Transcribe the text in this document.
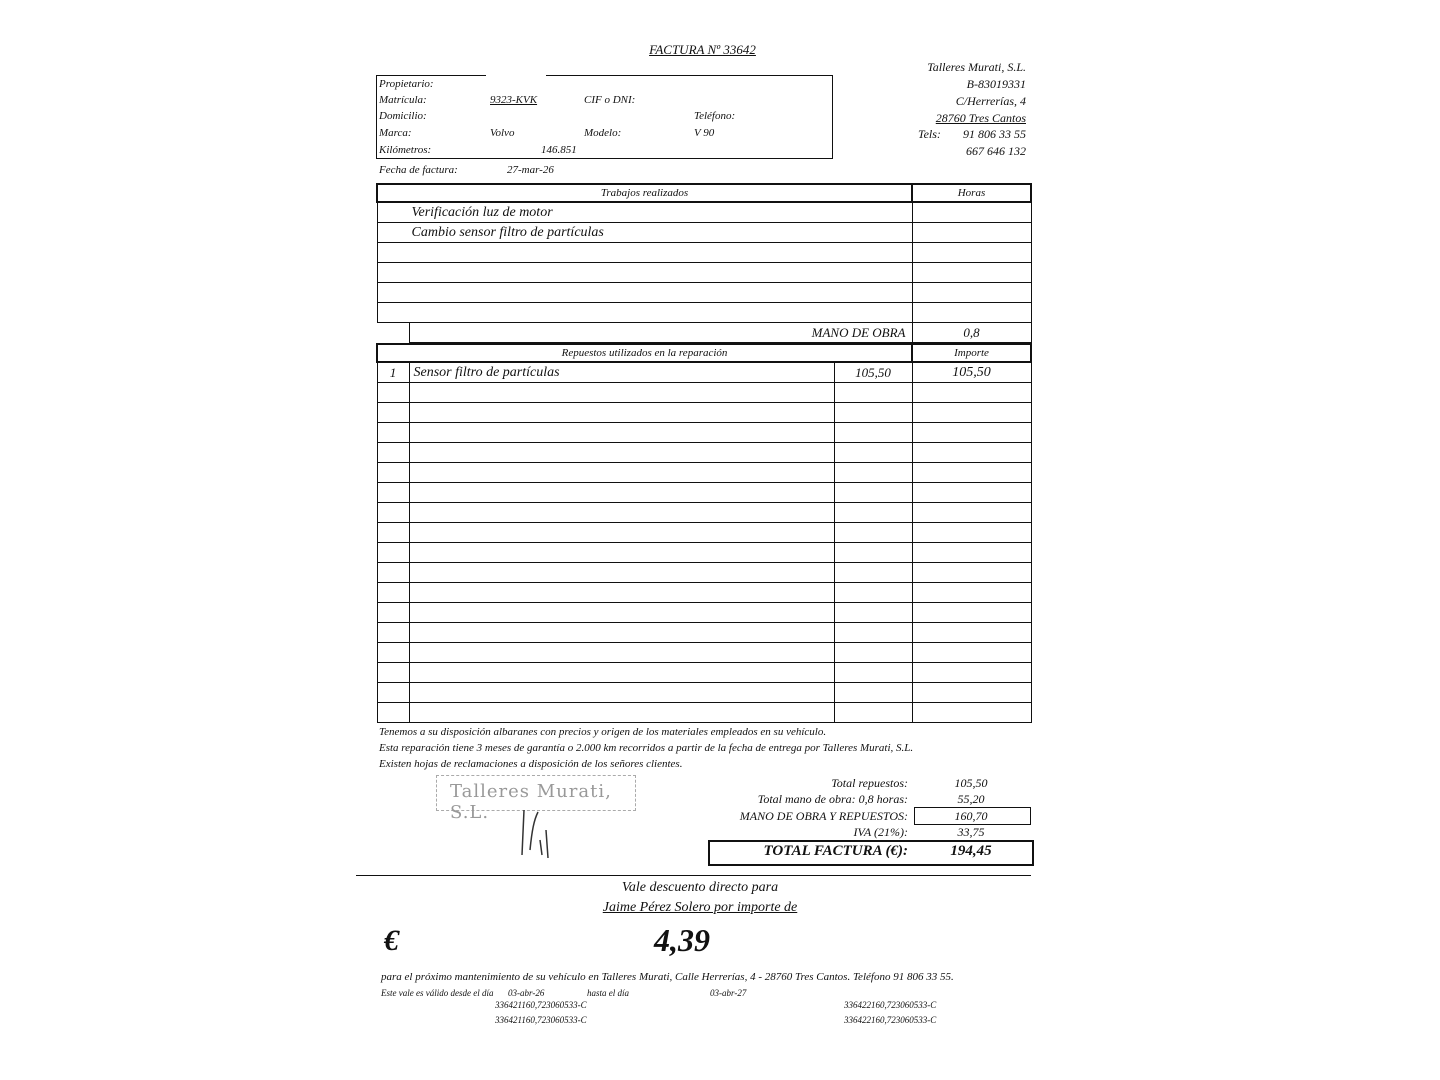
FACTURA Nº 33642
Talleres Murati, S.L.
B-83019331
C/Herrerías, 4
28760 Tres Cantos
Tels:	91 806 33 55
667 646 132
Propietario:
Matrícula:	9323-KVK	CIF o DNI:
Domicilio:	Teléfono:
Marca:	Volvo	Modelo:	V 90
Kilómetros:	146.851
Fecha de factura:	27-mar-26
Trabajos realizados		Horas
Verificación luz de motor		
Cambio sensor filtro de partículas		

	MANO DE OBRA	0,8
Repuestos utilizados en la reparación			Importe
1	Sensor filtro de partículas	105,50	105,50

Tenemos a su disposición albaranes con precios y origen de los materiales empleados en su vehículo.
Esta reparación tiene 3 meses de garantía o 2.000 km recorridos a partir de la fecha de entrega por Talleres Murati, S.L.
Existen hojas de reclamaciones a disposición de los señores clientes.
Talleres Murati, S.L.
Total repuestos:	105,50
Total mano de obra: 0,8 horas:	55,20
MANO DE OBRA Y REPUESTOS:	160,70
IVA (21%):	33,75
TOTAL FACTURA (€):	194,45
Vale descuento directo para
Jaime Pérez Solero por importe de
€	4,39
para el próximo mantenimiento de su vehículo en Talleres Murati, Calle Herrerías, 4 - 28760 Tres Cantos. Teléfono 91 806 33 55.
Este vale es válido desde el día 03-abr-26	hasta el día	03-abr-27
336421160,723060533-C
336421160,723060533-C
336422160,723060533-C
336422160,723060533-C
